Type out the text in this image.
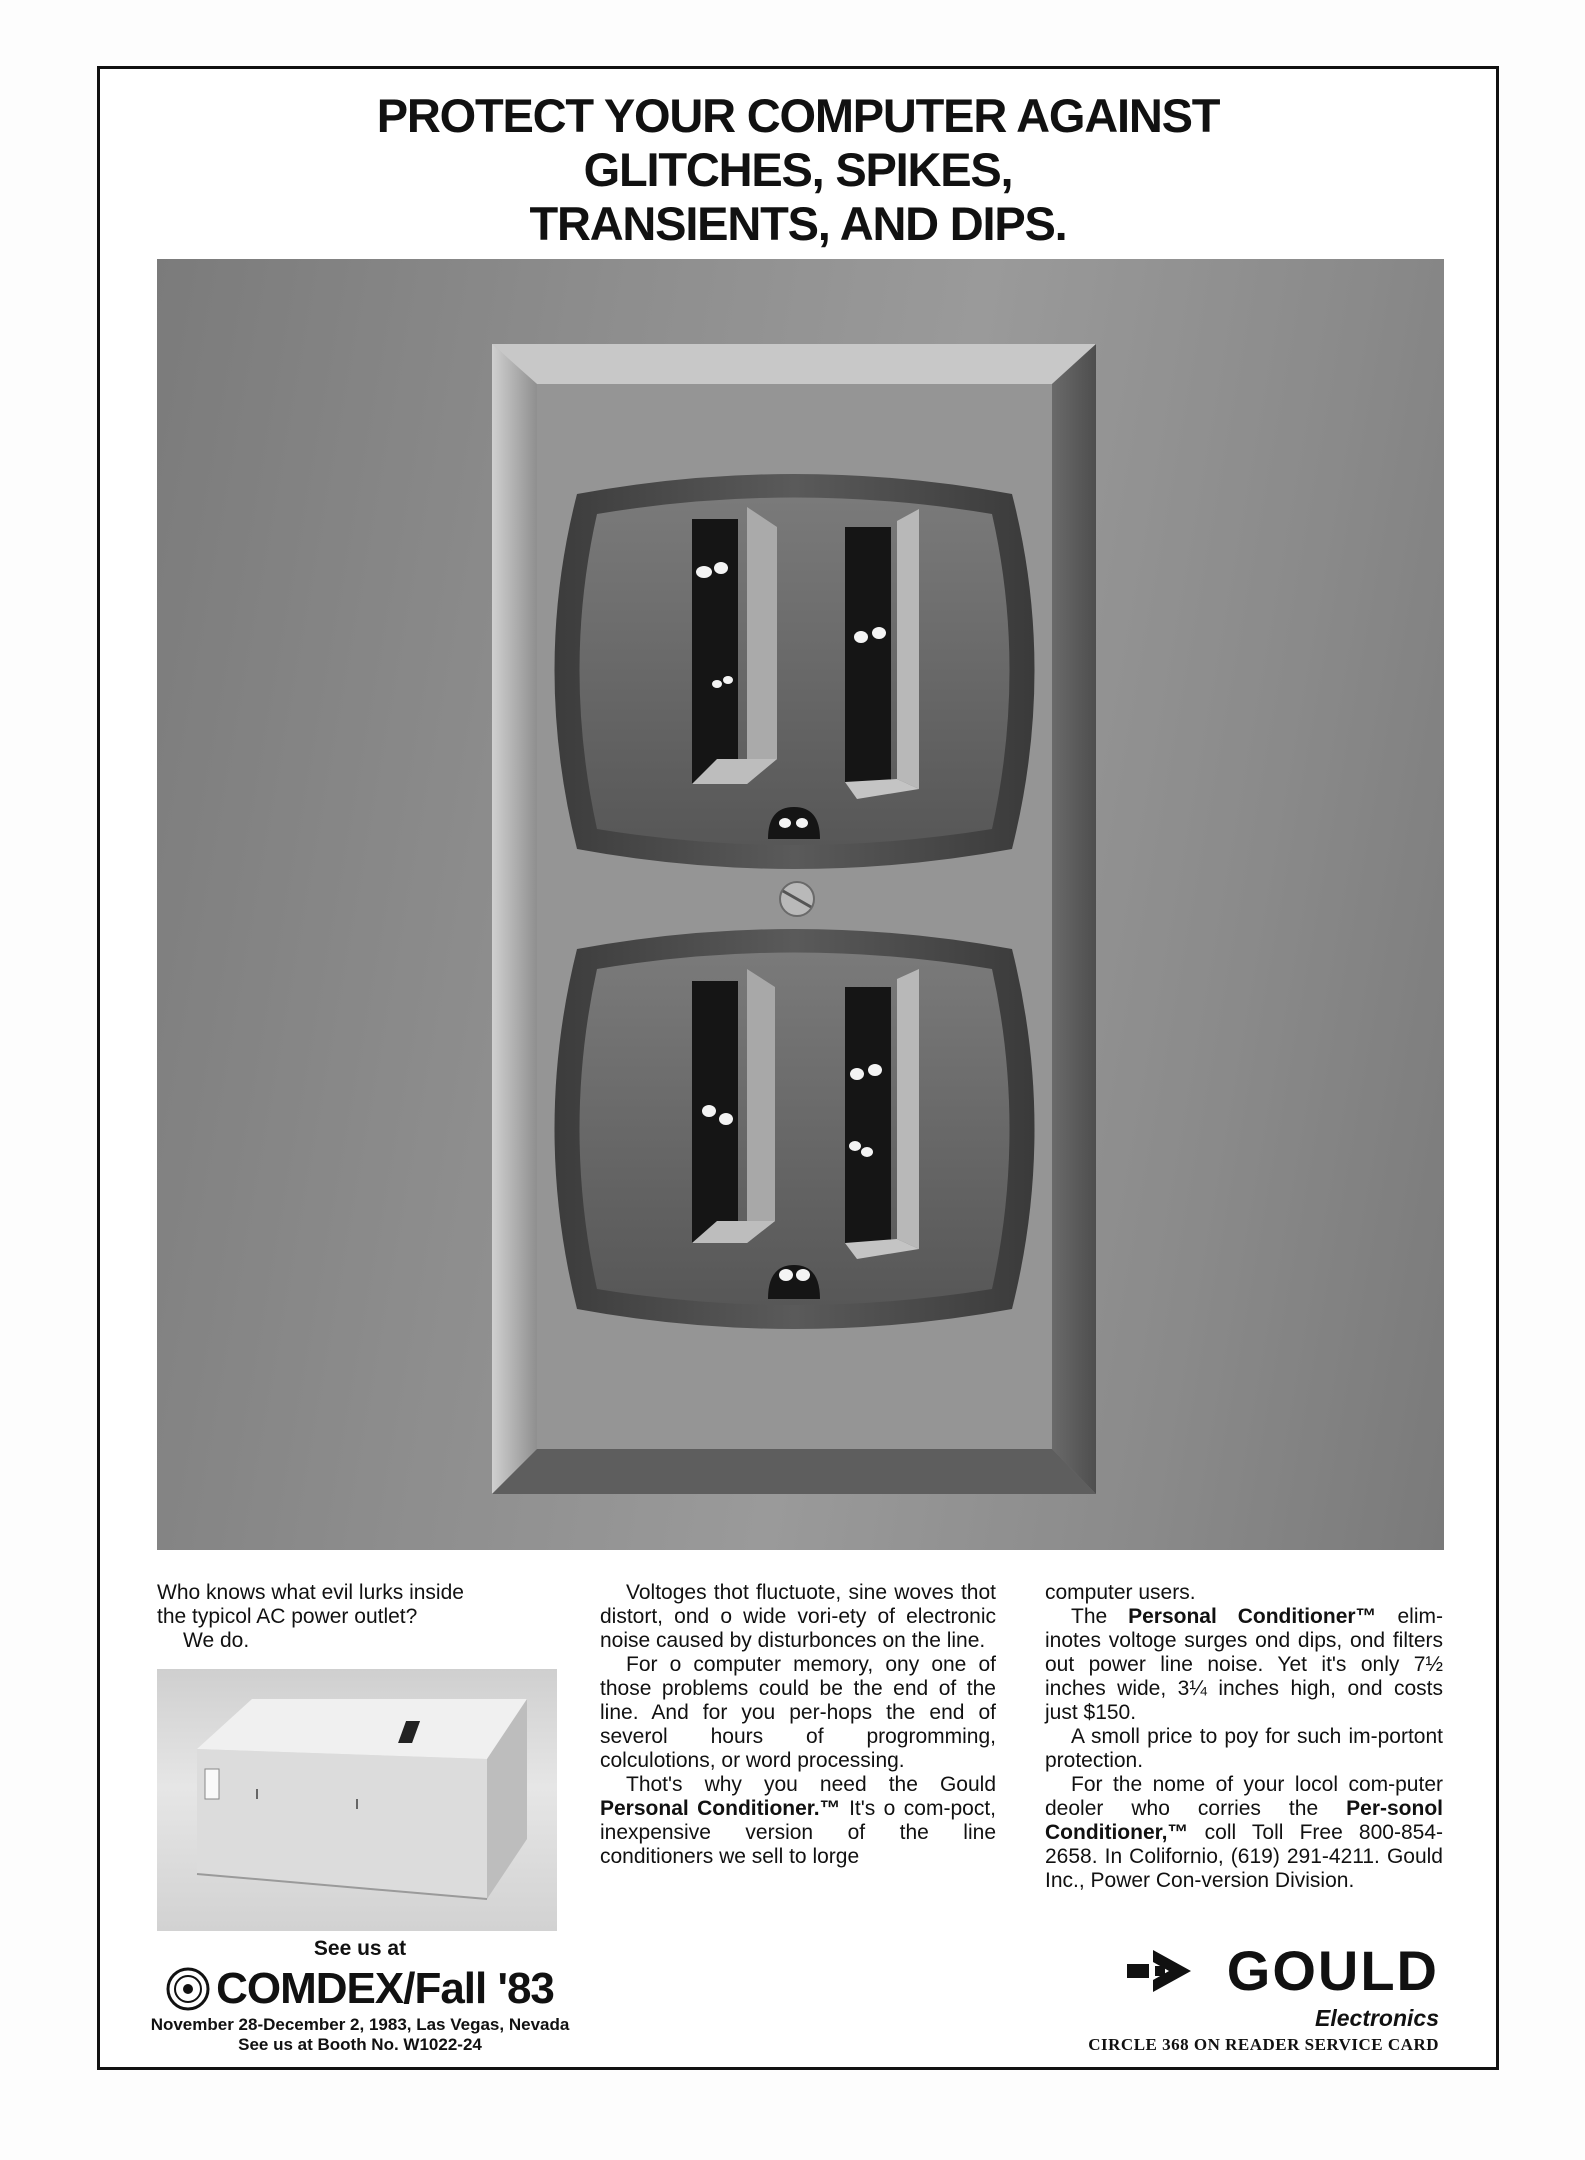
PROTECT YOUR COMPUTER AGAINST
GLITCHES, SPIKES,
TRANSIENTS, AND DIPS.

Who knows what evil lurks inside

the typicol AC power outlet?

We do.

Voltoges thot fluctuote, sine woves thot distort, ond o wide vori-ety of electronic noise caused by disturbonces on the line.

For o computer memory, ony one of those problems could be the end of the line. And for you per-hops the end of severol hours of progromming, colculotions, or word processing.

Thot's why you need the Gould Personal Conditioner.™ It's o com-poct, inexpensive version of the line conditioners we sell to lorge

computer users.

The Personal Conditioner™ elim-inotes voltoge surges ond dips, ond filters out power line noise. Yet it's only 7½ inches wide, 3¼ inches high, ond costs just $150.

A smoll price to poy for such im-portont protection.

For the nome of your locol com-puter deoler who corries the Per-sonol Conditioner,™ coll Toll Free 800-854-2658. In Colifornio, (619) 291-4211. Gould Inc., Power Con-version Division.

See us at
COMDEX/Fall '83
November 28-December 2, 1983, Las Vegas, Nevada
See us at Booth No. W1022-24
GOULD
Electronics
CIRCLE 368 ON READER SERVICE CARD
